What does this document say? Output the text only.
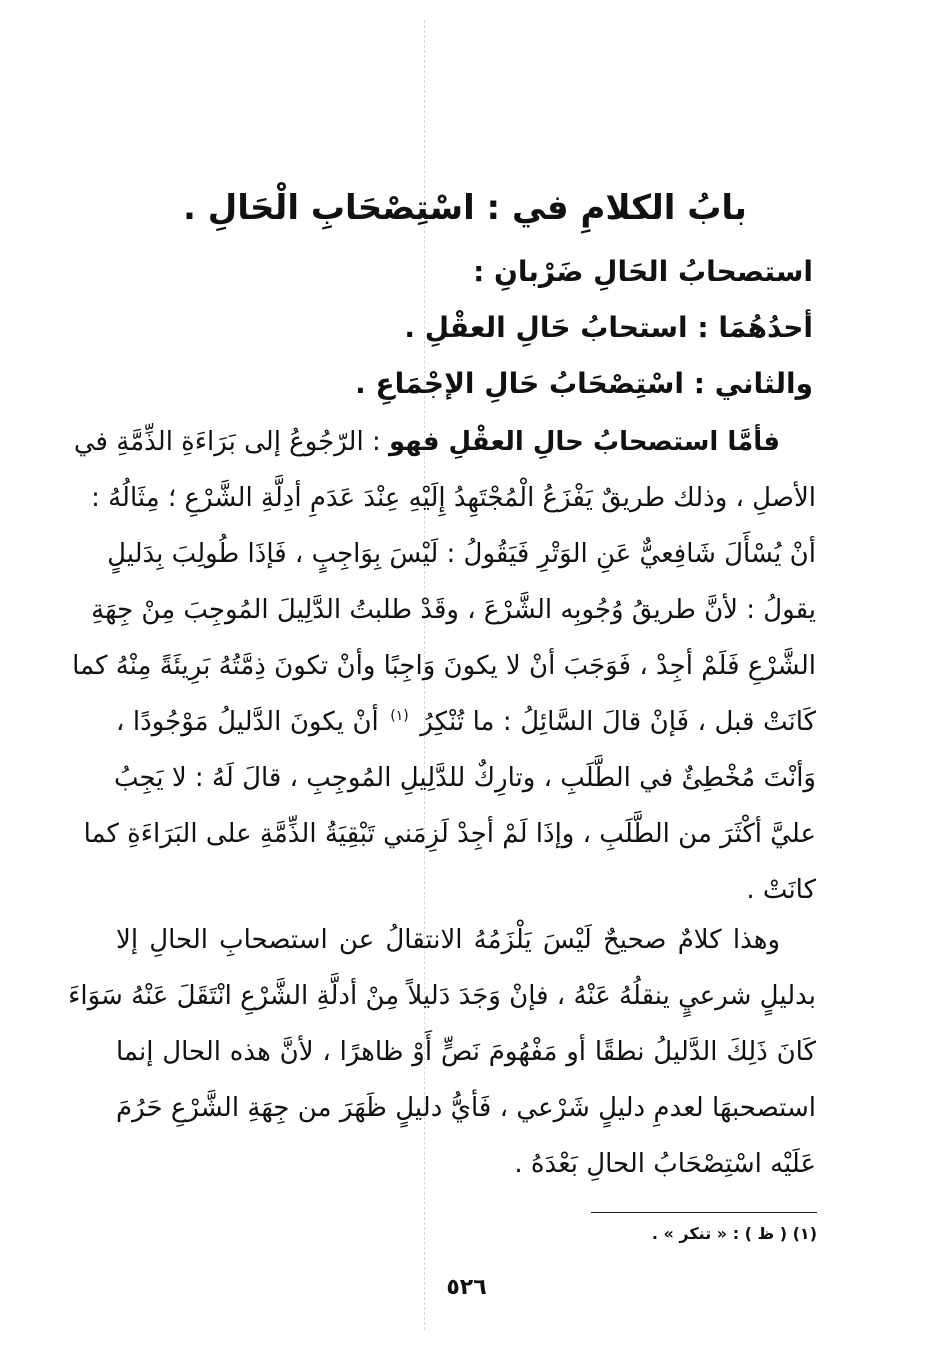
بابُ الكلامِ في : اسْتِصْحَابِ الْحَالِ .
استصحابُ الحَالِ ضَرْبانِ :
أحدُهُمَا : استحابُ حَالِ العقْلِ .
والثاني : اسْتِصْحَابُ حَالِ الإجْمَاعِ .
فأمَّا استصحابُ حالِ العقْلِ فهو : الرّجُوعُ إلى بَرَاءَةِ الذِّمَّةِ في
الأصلِ ، وذلك طريقٌ يَفْزَعُ الْمُجْتَهِدُ إِلَيْهِ عِنْدَ عَدَمِ أدِلَّةِ الشَّرْعِ ؛ مِثَالُهُ :
أنْ يُسْأَلَ شَافِعيٌّ عَنِ الوَتْرِ فَيَقُولُ : لَيْسَ بِوَاجِبٍ ، فَإذَا طُولِبَ بِدَليلٍ
يقولُ : لأنَّ طريقُ وُجُوبِه الشَّرْعَ ، وقَدْ طلبتُ الدَّلِيلَ المُوجِبَ مِنْ جِهَةِ
الشَّرْعِ فَلَمْ أجِدْ ، فَوَجَبَ أنْ لا يكونَ وَاجِبًا وأنْ تكونَ ذِمَّتُهُ بَرِيئَةً مِنْهُ كما
كَانَتْ قبل ، فَإنْ قالَ السَّائِلُ : ما تُنْكِرُ $^{(١)}$ أنْ يكونَ الدَّليلُ مَوْجُودًا ،
وَأنْتَ مُخْطِئٌ في الطَّلَبِ ، وتارِكٌ للدَّلِيلِ المُوجِبِ ، قالَ لَهُ : لا يَجِبُ
عليَّ أكْثَرَ من الطَّلَبِ ، وإذَا لَمْ أجِدْ لَزِمَني تَبْقِيَةُ الذِّمَّةِ على البَرَاءَةِ كما
كانَتْ .
وهذا كلامٌ صحيحٌ لَيْسَ يَلْزَمُهُ الانتقالُ عن استصحابِ الحالِ إلا
بدليلٍ شرعيٍ ينقلُهُ عَنْهُ ، فإنْ وَجَدَ دَليلاً مِنْ أدلَّةِ الشَّرْعِ انْتَقَلَ عَنْهُ سَوَاءَ
كَانَ ذَلِكَ الدَّليلُ نطقًا أو مَفْهُومَ نَصٍّ أَوْ ظاهرًا ، لأنَّ هذه الحال إنما
استصحبهَا لعدمِ دليلٍ شَرْعي ، فَأيُّ دليلٍ ظَهَرَ من جِهَةِ الشَّرْعِ حَرُمَ
عَلَيْه اسْتِصْحَابُ الحالِ بَعْدَهُ .
(١) ( ظ ) : « تنكر » .
٥٢٦
